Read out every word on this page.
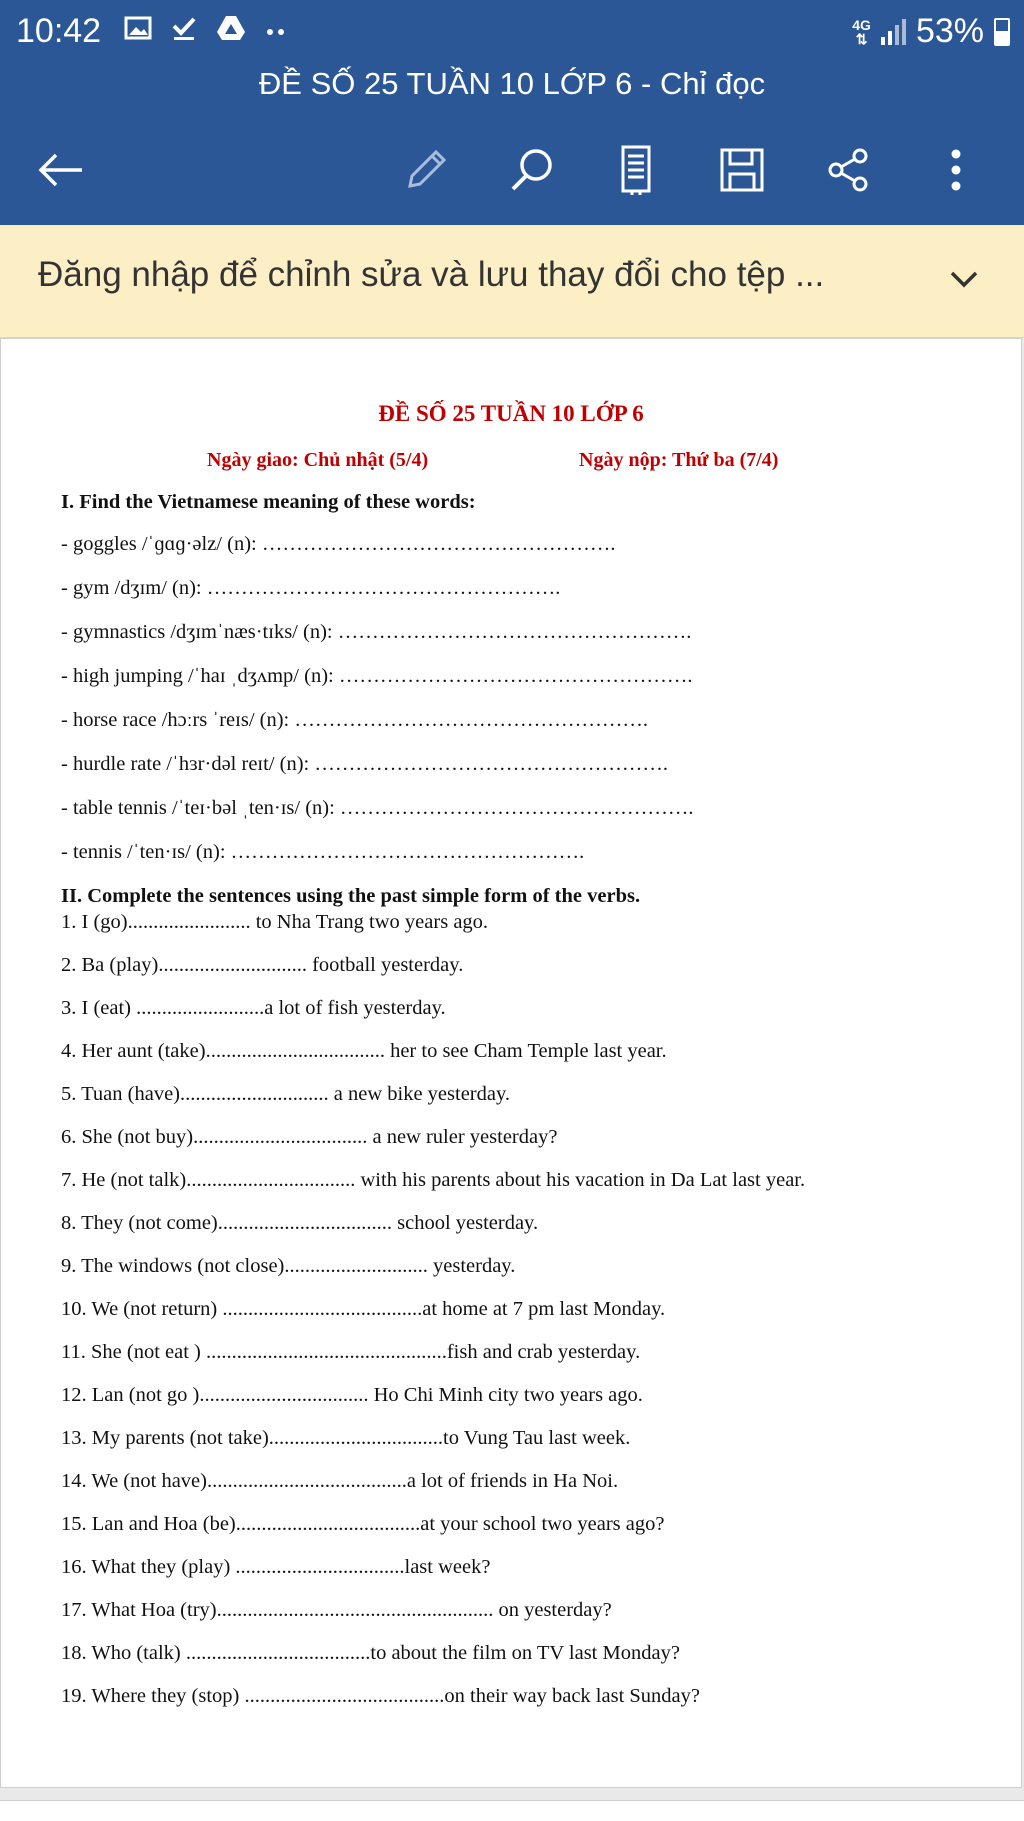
10:42	4G
⇅ 53%
ĐỀ SỐ 25 TUẦN 10 LỚP 6 - Chỉ đọc
Đăng nhập để chỉnh sửa và lưu thay đổi cho tệp ...
ĐỀ SỐ 25 TUẦN 10 LỚP 6
Ngày giao: Chủ nhật (5/4)	Ngày nộp: Thứ ba (7/4)
I. Find the Vietnamese meaning of these words:
- goggles /ˈɡɑɡ·əlz/ (n): …………………………………………….
- gym /dʒɪm/ (n): …………………………………………….
- gymnastics /dʒɪmˈnæs·tɪks/ (n): …………………………………………….
- high jumping /ˈhaɪ ˌdʒʌmp/ (n): …………………………………………….
- horse race /hɔːrs ˈreɪs/ (n): …………………………………………….
- hurdle rate /ˈhɜr·dəl reɪt/ (n): …………………………………………….
- table tennis /ˈteɪ·bəl ˌten·ɪs/ (n): …………………………………………….
- tennis /ˈten·ɪs/ (n): …………………………………………….
II. Complete the sentences using the past simple form of the verbs.
1. I (go)........................ to Nha Trang two years ago.
2. Ba (play)............................. football yesterday.
3. I (eat) .........................a lot of fish yesterday.
4. Her aunt (take)................................... her to see Cham Temple last year.
5. Tuan (have)............................. a new bike yesterday.
6. She (not buy).................................. a new ruler yesterday?
7. He (not talk)................................. with his parents about his vacation in Da Lat last year.
8. They (not come).................................. school yesterday.
9. The windows (not close)............................ yesterday.
10. We (not return) .......................................at home at 7 pm last Monday.
11. She (not eat ) ...............................................fish and crab yesterday.
12. Lan (not go )................................. Ho Chi Minh city two years ago.
13. My parents (not take)..................................to Vung Tau last week.
14. We (not have).......................................a lot of friends in Ha Noi.
15. Lan and Hoa (be)....................................at your school two years ago?
16. What they (play) .................................last week?
17. What Hoa (try)...................................................... on yesterday?
18. Who (talk) ....................................to about the film on TV last Monday?
19. Where they (stop) .......................................on their way back last Sunday?
